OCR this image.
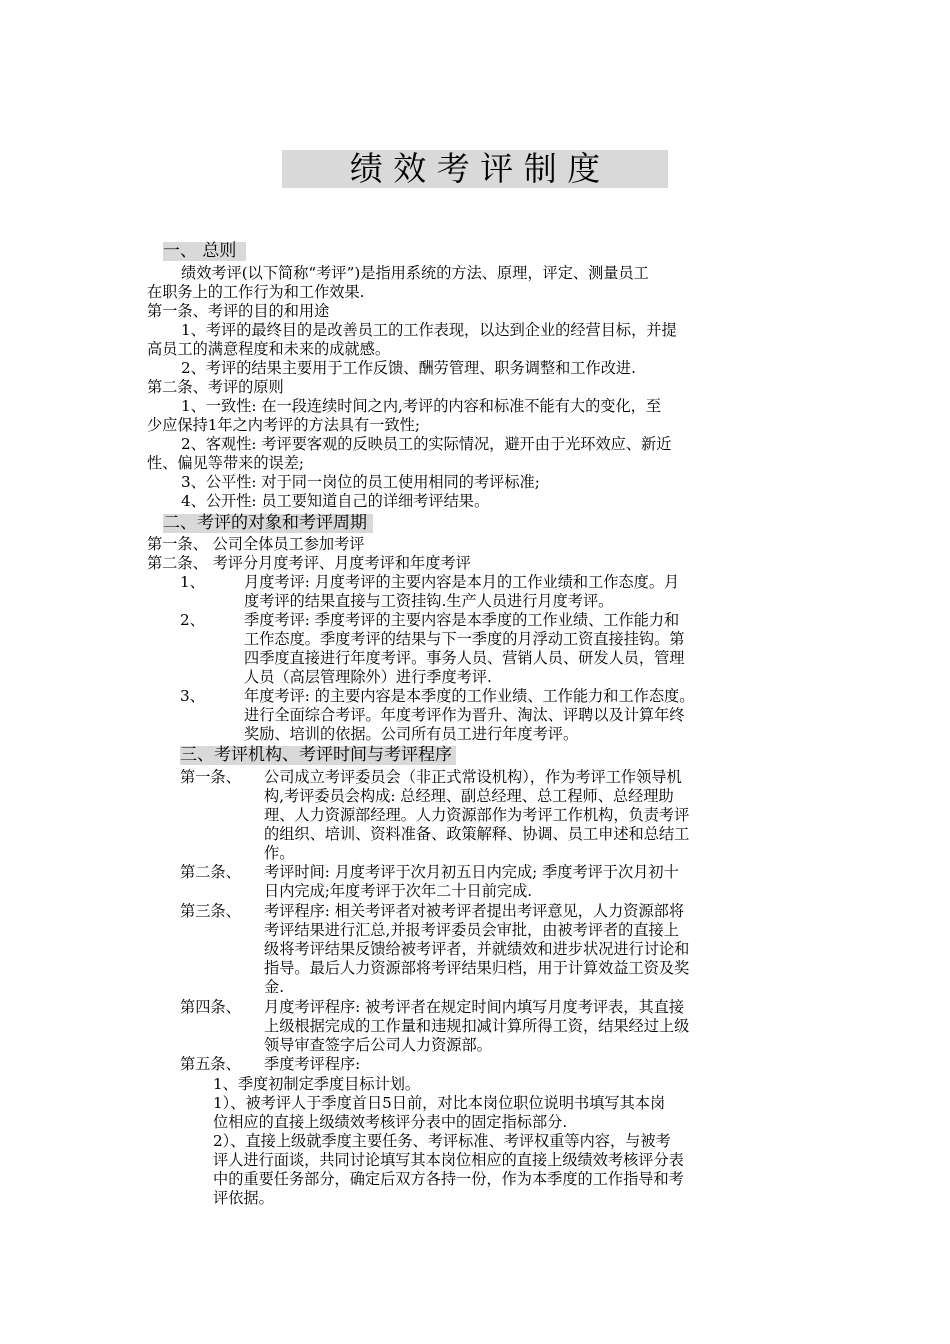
绩 效 考 评 制 度
一、 总则
绩效考评(以下简称“考评”)是指用系统的方法、原理，评定、测量员工
在职务上的工作行为和工作效果.
第一条、考评的目的和用途
1、考评的最终目的是改善员工的工作表现，以达到企业的经营目标，并提
高员工的满意程度和未来的成就感。
2、考评的结果主要用于工作反馈、酬劳管理、职务调整和工作改进.
第二条、考评的原则
1、一致性: 在一段连续时间之内,考评的内容和标准不能有大的变化，至
少应保持1年之内考评的方法具有一致性;
2、客观性: 考评要客观的反映员工的实际情况，避开由于光环效应、新近
性、偏见等带来的误差;
3、公平性: 对于同一岗位的员工使用相同的考评标准;
4、公开性: 员工要知道自己的详细考评结果。
二、考评的对象和考评周期
第一条、 公司全体员工参加考评
第二条、 考评分月度考评、月度考评和年度考评
1、	月度考评: 月度考评的主要内容是本月的工作业绩和工作态度。月
度考评的结果直接与工资挂钩.生产人员进行月度考评。
2、	季度考评: 季度考评的主要内容是本季度的工作业绩、工作能力和
工作态度。季度考评的结果与下一季度的月浮动工资直接挂钩。第
四季度直接进行年度考评。事务人员、营销人员、研发人员，管理
人员（高层管理除外）进行季度考评.
3、	年度考评: 的主要内容是本季度的工作业绩、工作能力和工作态度。
进行全面综合考评。年度考评作为晋升、淘汰、评聘以及计算年终
奖励、培训的依据。公司所有员工进行年度考评。
三、考评机构、考评时间与考评程序
第一条、 公司成立考评委员会（非正式常设机构），作为考评工作领导机
构,考评委员会构成: 总经理、副总经理、总工程师、总经理助
理、人力资源部经理。人力资源部作为考评工作机构，负责考评
的组织、培训、资料准备、政策解释、协调、员工申述和总结工
作。
第二条、 考评时间: 月度考评于次月初五日内完成; 季度考评于次月初十
日内完成;年度考评于次年二十日前完成.
第三条、 考评程序: 相关考评者对被考评者提出考评意见，人力资源部将
考评结果进行汇总,并报考评委员会审批，由被考评者的直接上
级将考评结果反馈给被考评者，并就绩效和进步状况进行讨论和
指导。最后人力资源部将考评结果归档，用于计算效益工资及奖
金.
第四条、 月度考评程序: 被考评者在规定时间内填写月度考评表，其直接
上级根据完成的工作量和违规扣减计算所得工资，结果经过上级
领导审查签字后公司人力资源部。
第五条、 季度考评程序:
1、季度初制定季度目标计划。
1）、被考评人于季度首日5日前，对比本岗位职位说明书填写其本岗
位相应的直接上级绩效考核评分表中的固定指标部分.
2）、直接上级就季度主要任务、考评标准、考评权重等内容，与被考
评人进行面谈，共同讨论填写其本岗位相应的直接上级绩效考核评分表
中的重要任务部分，确定后双方各持一份，作为本季度的工作指导和考
评依据。
